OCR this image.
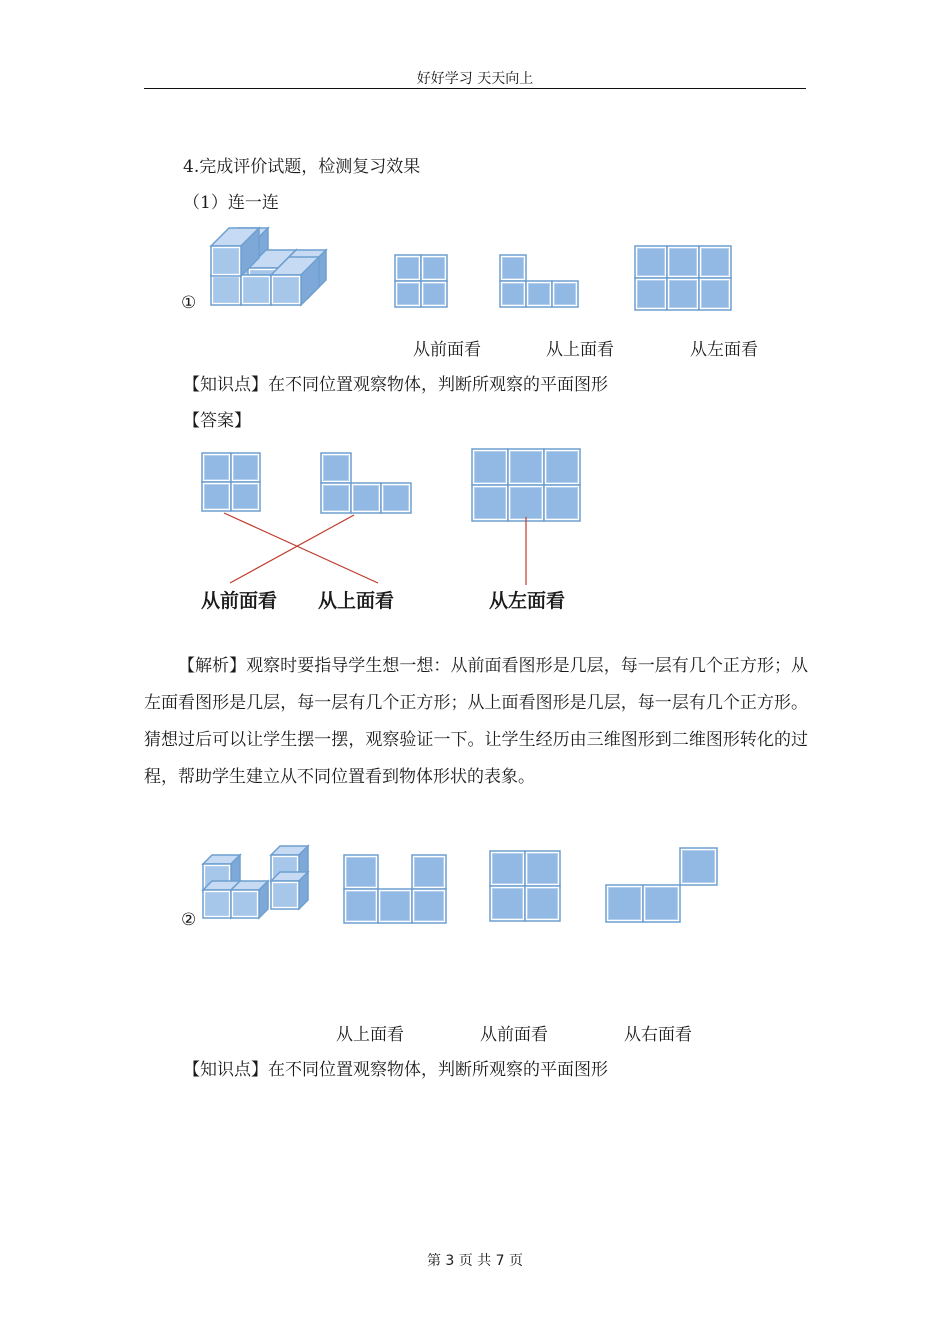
好好学习 天天向上
4.完成评价试题，检测复习效果
（1）连一连
①
从前面看	从上面看	从左面看
【知识点】在不同位置观察物体，判断所观察的平面图形
【答案】
从前面看 从上面看	从左面看

【解析】观察时要指导学生想一想：从前面看图形是几层，每一层有几个正方形；从左面看图形是几层，每一层有几个正方形；从上面看图形是几层，每一层有几个正方形。猜想过后可以让学生摆一摆，观察验证一下。让学生经历由三维图形到二维图形转化的过程，帮助学生建立从不同位置看到物体形状的表象。

②
从上面看	从前面看	从右面看
【知识点】在不同位置观察物体，判断所观察的平面图形
第 3 页 共 7 页
